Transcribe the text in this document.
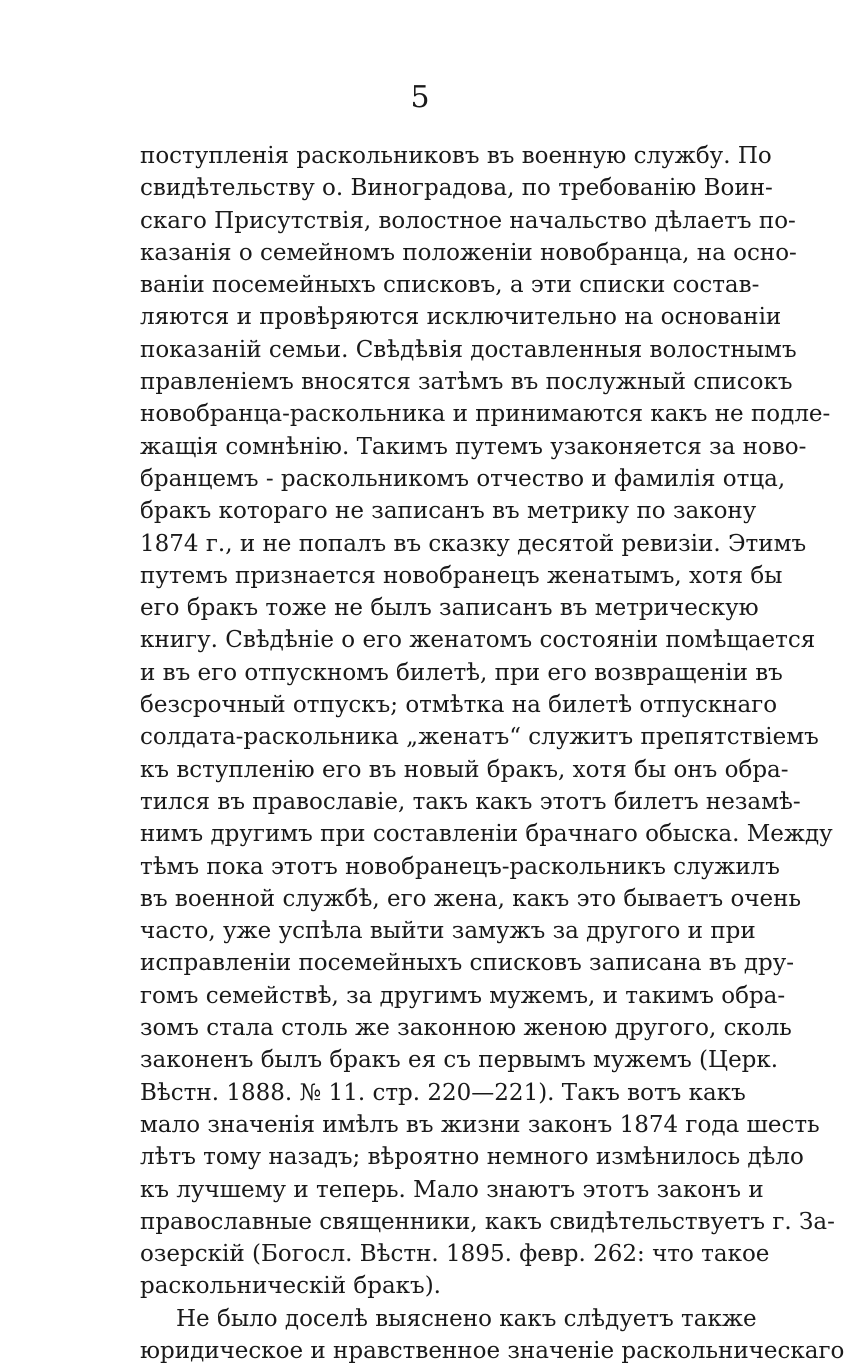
5
поступленія раскольниковъ въ военную службу. По
свидѣтельству о. Виноградова, по требованію Воин-
скаго Присутствія, волостное начальство дѣлаетъ по-
казанія о семейномъ положеніи новобранца, на осно-
ваніи посемейныхъ списковъ, а эти списки состав-
ляются и провѣряются исключительно на основаніи
показаній семьи. Свѣдѣвія доставленныя волостнымъ
правленіемъ вносятся затѣмъ въ послужный списокъ
новобранца-раскольника и принимаются какъ не подле-
жащія сомнѣнію. Такимъ путемъ узаконяется за ново-
бранцемъ - раскольникомъ отчество и фамилія отца,
бракъ котораго не записанъ въ метрику по закону
1874 г., и не попалъ въ сказку десятой ревизіи. Этимъ
путемъ признается новобранецъ женатымъ, хотя бы
его бракъ тоже не былъ записанъ въ метрическую
книгу. Свѣдѣніе о его женатомъ состояніи помѣщается
и въ его отпускномъ билетѣ, при его возвращеніи въ
безсрочный отпускъ; отмѣтка на билетѣ отпускнаго
солдата-раскольника „женатъ“ служитъ препятствіемъ
къ вступленію его въ новый бракъ, хотя бы онъ обра-
тился въ православіе, такъ какъ этотъ билетъ незамѣ-
нимъ другимъ при составленіи брачнаго обыска. Между
тѣмъ пока этотъ новобранецъ-раскольникъ служилъ
въ военной службѣ, его жена, какъ это бываетъ очень
часто, уже успѣла выйти замужъ за другого и при
исправленіи посемейныхъ списковъ записана въ дру-
гомъ семействѣ, за другимъ мужемъ, и такимъ обра-
зомъ стала столь же законною женою другого, сколь
законенъ былъ бракъ ея съ первымъ мужемъ (Церк.
Вѣстн. 1888. № 11. стр. 220—221). Такъ вотъ какъ
мало значенія имѣлъ въ жизни законъ 1874 года шесть
лѣтъ тому назадъ; вѣроятно немного измѣнилось дѣло
къ лучшему и теперь. Мало знаютъ этотъ законъ и
православные священники, какъ свидѣтельствуетъ г. За-
озерскій (Богосл. Вѣстн. 1895. февр. 262: что такое
раскольническій бракъ).
Не было доселѣ выяснено какъ слѣдуетъ также
юридическое и нравственное значеніе раскольническаго
